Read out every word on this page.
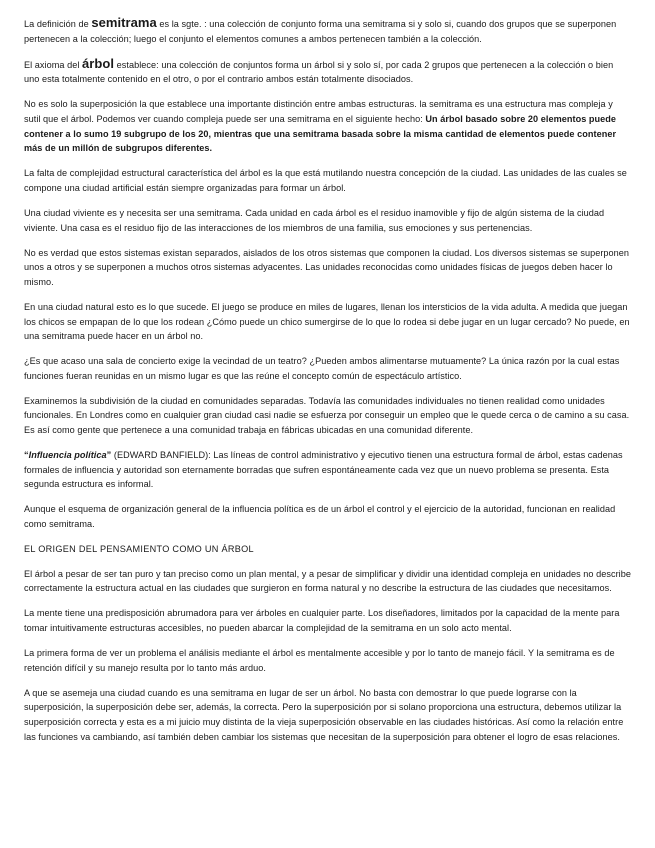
La definición de semitrama es la sgte. : una colección de conjunto forma una semitrama si y solo si, cuando dos grupos que se superponen pertenecen a la colección; luego el conjunto el elementos comunes a ambos pertenecen también a la colección.

El axioma del árbol establece: una colección de conjuntos forma un árbol si y solo sí, por cada 2 grupos que pertenecen a la colección o bien uno esta totalmente contenido en el otro, o por el contrario ambos están totalmente disociados.

No es solo la superposición la que establece una importante distinción entre ambas estructuras. la semitrama es una estructura mas compleja y sutil que el árbol. Podemos ver cuando compleja puede ser una semitrama en el siguiente hecho: Un árbol basado sobre 20 elementos puede contener a lo sumo 19 subgrupo de los 20, mientras que una semitrama basada sobre la misma cantidad de elementos puede contener más de un millón de subgrupos diferentes.

La falta de complejidad estructural característica del árbol es la que está mutilando nuestra concepción de la ciudad. Las unidades de las cuales se compone una ciudad artificial están siempre organizadas para formar un árbol.

Una ciudad viviente es y necesita ser una semitrama. Cada unidad en cada árbol es el residuo inamovible y fijo de algún sistema de la ciudad viviente. Una casa es el residuo fijo de las interacciones de los miembros de una familia, sus emociones y sus pertenencias.

No es verdad que estos sistemas existan separados, aislados de los otros sistemas que componen la ciudad. Los diversos sistemas se superponen unos a otros y se superponen a muchos otros sistemas adyacentes. Las unidades reconocidas como unidades físicas de juegos deben hacer lo mismo.

En una ciudad natural esto es lo que sucede. El juego se produce en miles de lugares, llenan los intersticios de la vida adulta. A medida que juegan los chicos se empapan de lo que los rodean ¿Cómo puede un chico sumergirse de lo que lo rodea si debe jugar en un lugar cercado? No puede, en una semitrama puede hacer en un árbol no.

¿Es que acaso una sala de concierto exige la vecindad de un teatro? ¿Pueden ambos alimentarse mutuamente? La única razón por la cual estas funciones fueran reunidas en un mismo lugar es que las reúne el concepto común de espectáculo artístico.

Examinemos la subdivisión de la ciudad en comunidades separadas. Todavía las comunidades individuales no tienen realidad como unidades funcionales. En Londres como en cualquier gran ciudad casi nadie se esfuerza por conseguir un empleo que le quede cerca o de camino a su casa. Es así como gente que pertenece a una comunidad trabaja en fábricas ubicadas en una comunidad diferente.

“Influencia política” (EDWARD BANFIELD): Las líneas de control administrativo y ejecutivo tienen una estructura formal de árbol, estas cadenas formales de influencia y autoridad son eternamente borradas que sufren espontáneamente cada vez que un nuevo problema se presenta. Esta segunda estructura es informal.

Aunque el esquema de organización general de la influencia política es de un árbol el control y el ejercicio de la autoridad, funcionan en realidad como semitrama.

EL ORIGEN DEL PENSAMIENTO COMO UN ÁRBOL

El árbol a pesar de ser tan puro y tan preciso como un plan mental, y a pesar de simplificar y dividir una identidad compleja en unidades no describe correctamente la estructura actual en las ciudades que surgieron en forma natural y no describe la estructura de las ciudades que necesitamos.

La mente tiene una predisposición abrumadora para ver árboles en cualquier parte. Los diseñadores, limitados por la capacidad de la mente para tomar intuitivamente estructuras accesibles, no pueden abarcar la complejidad de la semitrama en un solo acto mental.

La primera forma de ver un problema el análisis mediante el árbol es mentalmente accesible y por lo tanto de manejo fácil. Y la semitrama es de retención difícil y su manejo resulta por lo tanto más arduo.

A que se asemeja una ciudad cuando es una semitrama en lugar de ser un árbol. No basta con demostrar lo que puede lograrse con la superposición, la superposición debe ser, además, la correcta. Pero la superposición por si solano proporciona una estructura, debemos utilizar la superposición correcta y esta es a mi juicio muy distinta de la vieja superposición observable en las ciudades históricas. Así como la relación entre las funciones va cambiando, así también deben cambiar los sistemas que necesitan de la superposición para obtener el logro de esas relaciones.
